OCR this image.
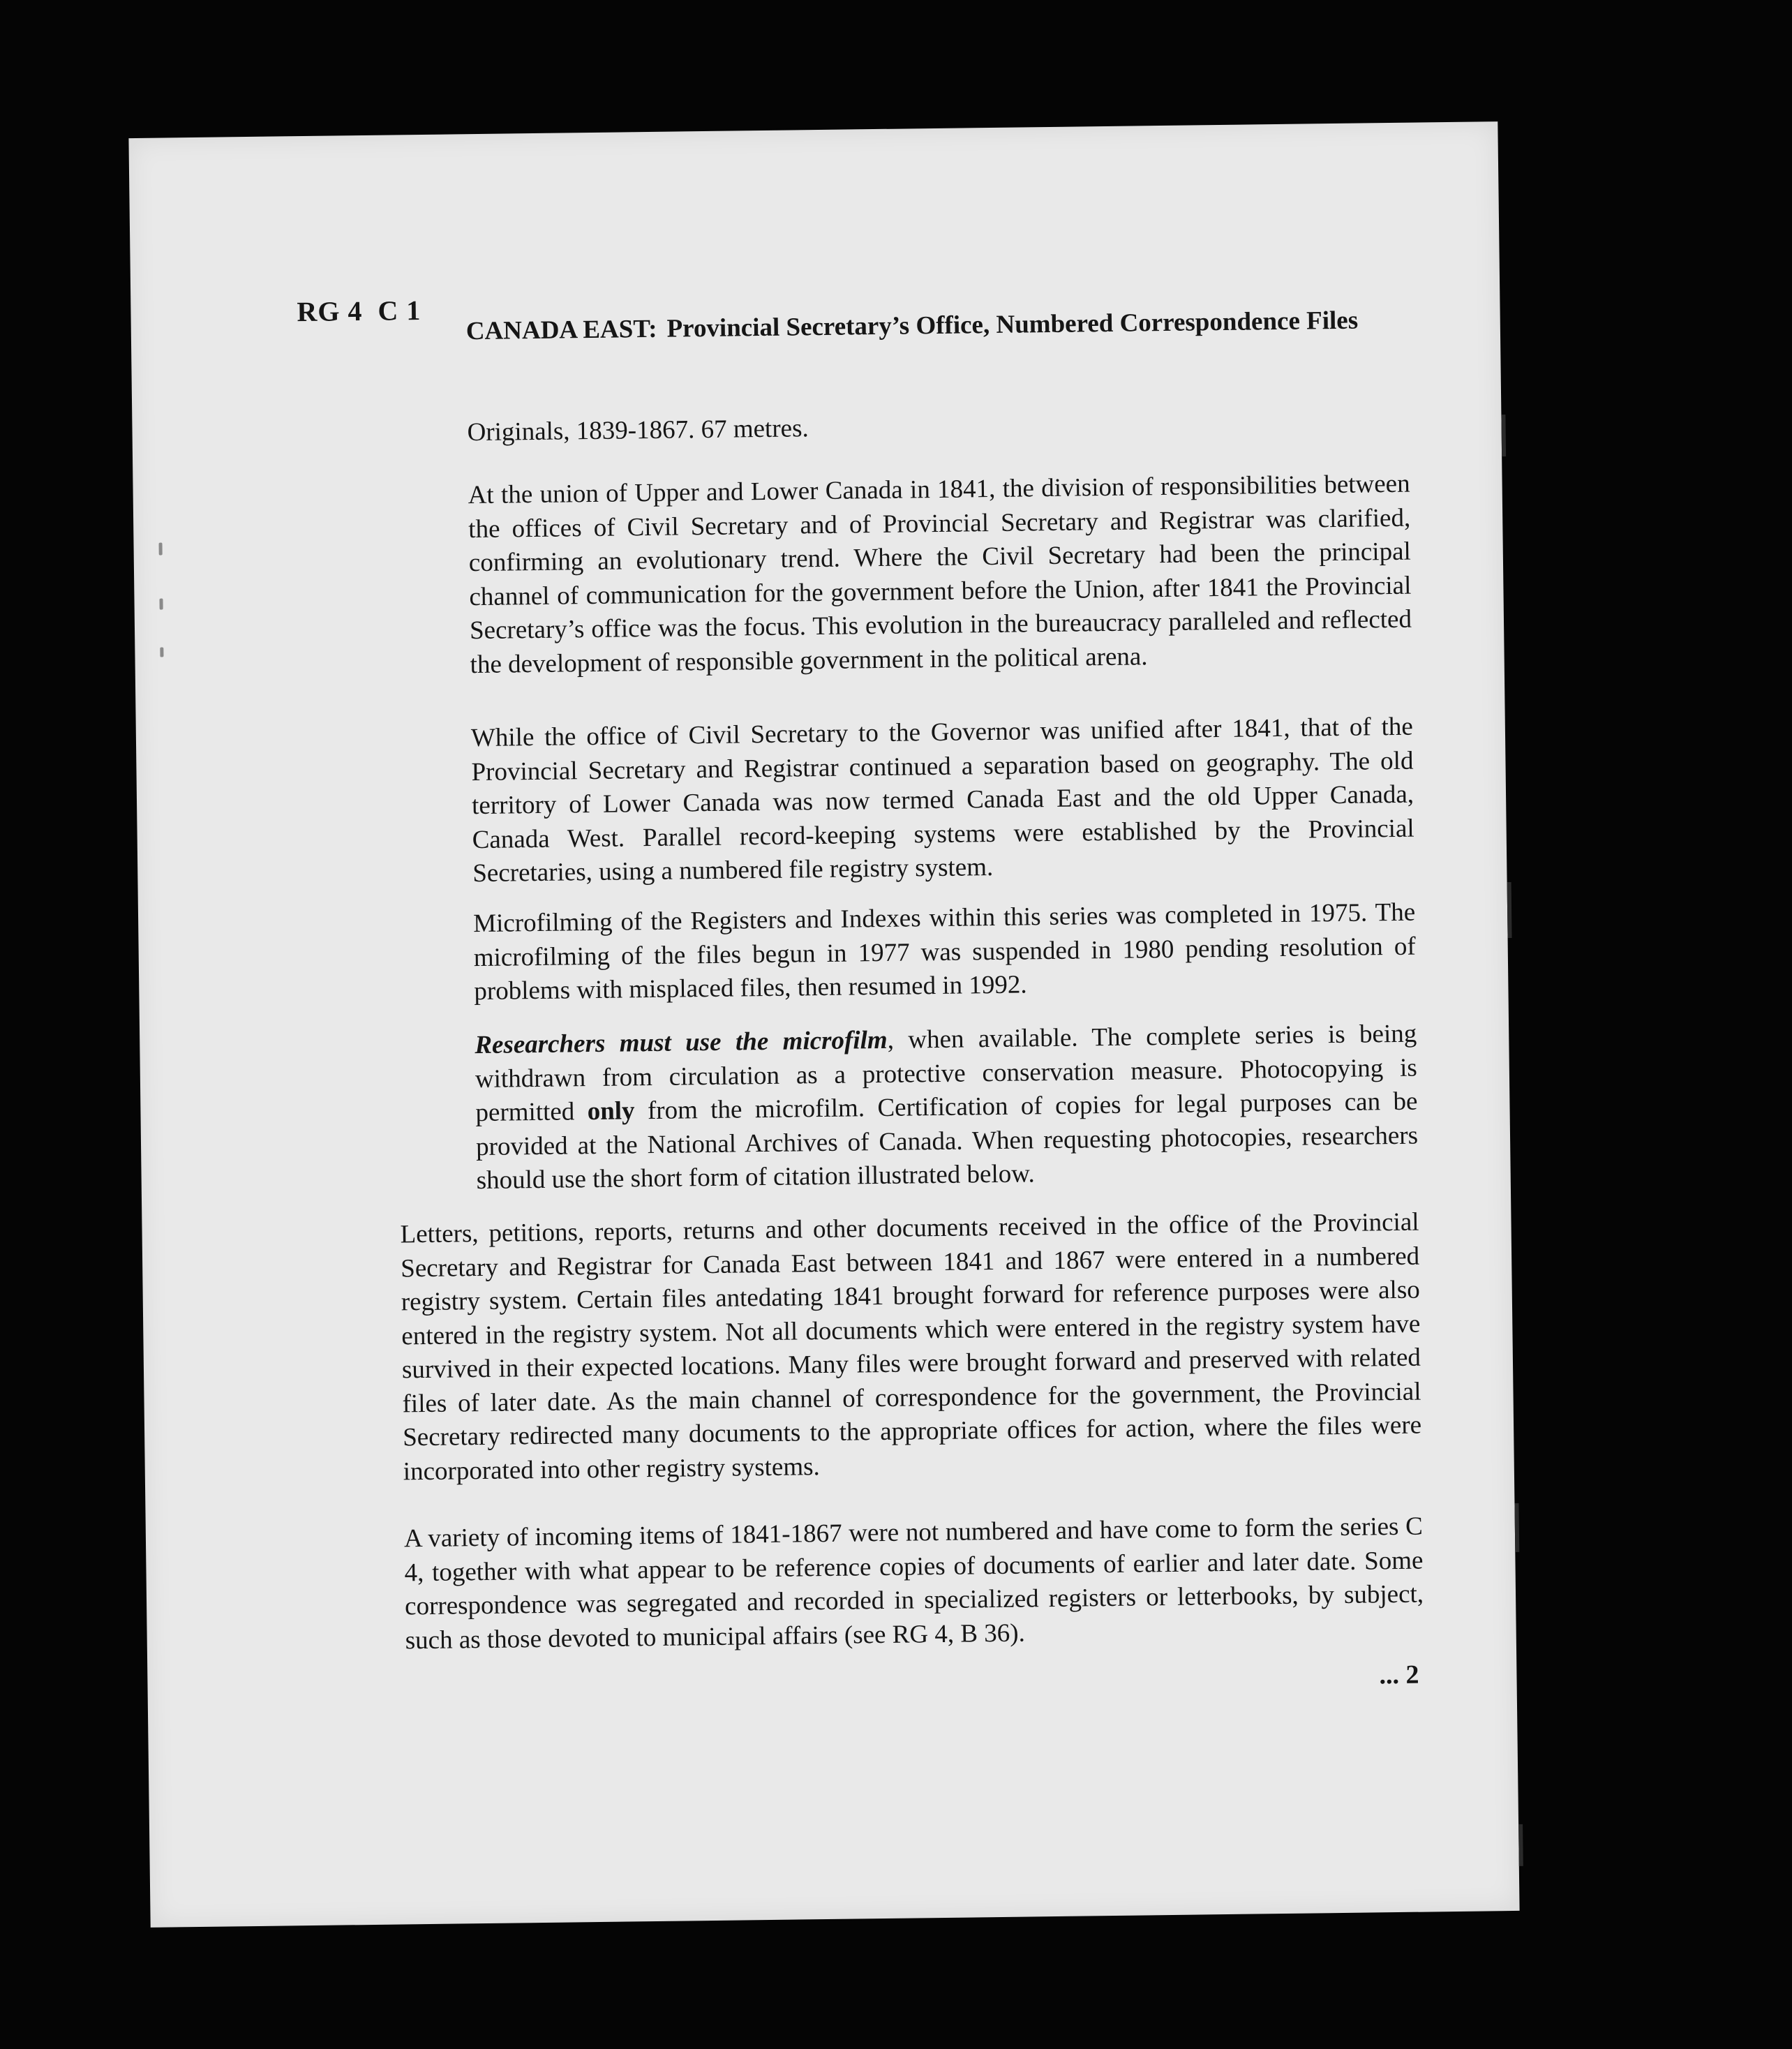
RG 4  C 1
CANADA EAST: Provincial Secretary’s Office, Numbered Correspondence Files
Originals, 1839-1867. 67 metres.
At the union of Upper and Lower Canada in 1841, the division of responsibilities between the offices of Civil Secretary and of Provincial Secretary and Registrar was clarified, confirming an evolutionary trend. Where the Civil Secretary had been the principal channel of communication for the government before the Union, after 1841 the Provincial Secretary’s office was the focus. This evolution in the bureaucracy paralleled and reflected the development of responsible government in the political arena.
While the office of Civil Secretary to the Governor was unified after 1841, that of the Provincial Secretary and Registrar continued a separation based on geography. The old territory of Lower Canada was now termed Canada East and the old Upper Canada, Canada West. Parallel record-keeping systems were established by the Provincial Secretaries, using a numbered file registry system.
Microfilming of the Registers and Indexes within this series was completed in 1975. The microfilming of the files begun in 1977 was suspended in 1980 pending resolution of problems with misplaced files, then resumed in 1992.
Researchers must use the microfilm, when available. The complete series is being withdrawn from circulation as a protective conservation measure. Photocopying is permitted only from the microfilm. Certification of copies for legal purposes can be provided at the National Archives of Canada. When requesting photocopies, researchers should use the short form of citation illustrated below.
Letters, petitions, reports, returns and other documents received in the office of the Provincial Secretary and Registrar for Canada East between 1841 and 1867 were entered in a numbered registry system. Certain files antedating 1841 brought forward for reference purposes were also entered in the registry system. Not all documents which were entered in the registry system have survived in their expected locations. Many files were brought forward and preserved with related files of later date. As the main channel of correspondence for the government, the Provincial Secretary redirected many documents to the appropriate offices for action, where the files were incorporated into other registry systems.
A variety of incoming items of 1841-1867 were not numbered and have come to form the series C 4, together with what appear to be reference copies of documents of earlier and later date. Some correspondence was segregated and recorded in specialized registers or letterbooks, by subject, such as those devoted to municipal affairs (see RG 4, B 36).
... 2
